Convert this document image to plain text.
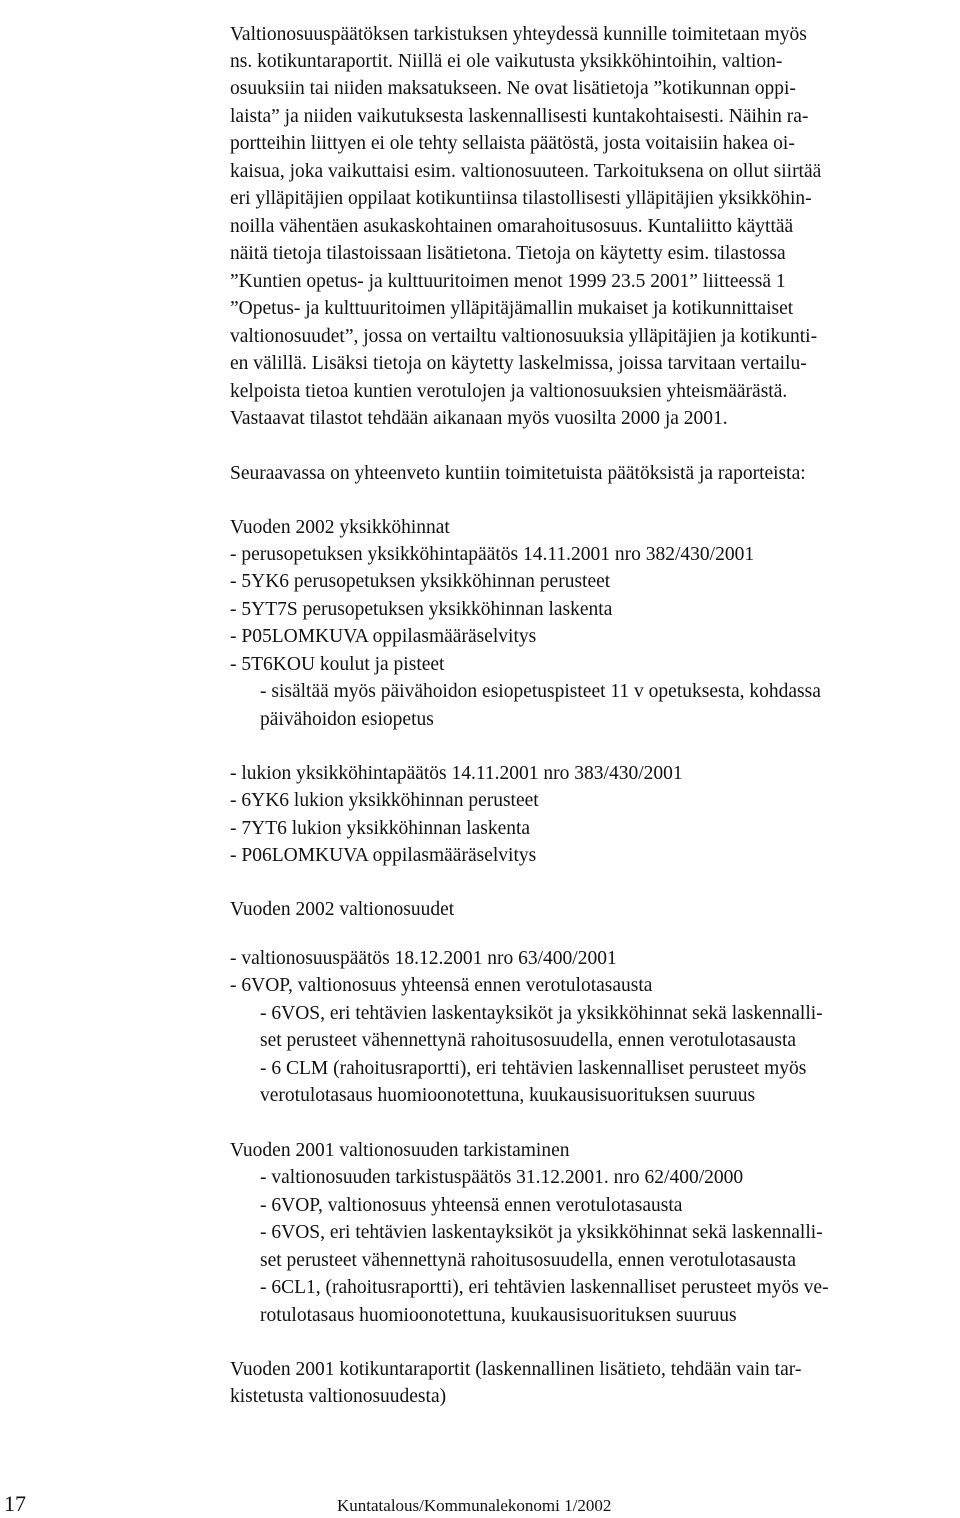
Valtionosuuspäätöksen tarkistuksen yhteydessä kunnille toimitetaan myös
ns. kotikuntaraportit. Niillä ei ole vaikutusta yksikköhintoihin, valtion-
osuuksiin tai niiden maksatukseen. Ne ovat lisätietoja ”kotikunnan oppi-
laista” ja niiden vaikutuksesta laskennallisesti kuntakohtaisesti. Näihin ra-
portteihin liittyen ei ole tehty sellaista päätöstä, josta voitaisiin hakea oi-
kaisua, joka vaikuttaisi esim. valtionosuuteen. Tarkoituksena on ollut siirtää
eri ylläpitäjien oppilaat kotikuntiinsa tilastollisesti ylläpitäjien yksikköhin-
noilla vähentäen asukaskohtainen omarahoitusosuus. Kuntaliitto käyttää
näitä tietoja tilastoissaan lisätietona. Tietoja on käytetty esim. tilastossa
”Kuntien opetus- ja kulttuuritoimen menot 1999 23.5 2001” liitteessä 1
”Opetus- ja kulttuuritoimen ylläpitäjämallin mukaiset ja kotikunnittaiset
valtionosuudet”, jossa on vertailtu valtionosuuksia ylläpitäjien ja kotikunti-
en välillä. Lisäksi tietoja on käytetty laskelmissa, joissa tarvitaan vertailu-
kelpoista tietoa kuntien verotulojen ja valtionosuuksien yhteismäärästä.
Vastaavat tilastot tehdään aikanaan myös vuosilta 2000 ja 2001.
Seuraavassa on yhteenveto kuntiin toimitetuista päätöksistä ja raporteista:
Vuoden 2002 yksikköhinnat
- perusopetuksen yksikköhintapäätös 14.11.2001 nro 382/430/2001
- 5YK6 perusopetuksen yksikköhinnan perusteet
- 5YT7S perusopetuksen yksikköhinnan laskenta
- P05LOMKUVA oppilasmääräselvitys
- 5T6KOU koulut ja pisteet
- sisältää myös päivähoidon esiopetuspisteet 11 v opetuksesta, kohdassa
päivähoidon esiopetus
- lukion yksikköhintapäätös 14.11.2001 nro 383/430/2001
- 6YK6 lukion yksikköhinnan perusteet
- 7YT6 lukion yksikköhinnan laskenta
- P06LOMKUVA oppilasmääräselvitys
Vuoden 2002 valtionosuudet
- valtionosuuspäätös 18.12.2001 nro 63/400/2001
- 6VOP, valtionosuus yhteensä ennen verotulotasausta
- 6VOS, eri tehtävien laskentayksiköt ja yksikköhinnat sekä laskennalli-
set perusteet vähennettynä rahoitusosuudella, ennen verotulotasausta
- 6 CLM (rahoitusraportti), eri tehtävien laskennalliset perusteet myös
verotulotasaus huomioonotettuna, kuukausisuorituksen suuruus
Vuoden 2001 valtionosuuden tarkistaminen
- valtionosuuden tarkistuspäätös 31.12.2001. nro 62/400/2000
- 6VOP, valtionosuus yhteensä ennen verotulotasausta
- 6VOS, eri tehtävien laskentayksiköt ja yksikköhinnat sekä laskennalli-
set perusteet vähennettynä rahoitusosuudella, ennen verotulotasausta
- 6CL1, (rahoitusraportti), eri tehtävien laskennalliset perusteet myös ve-
rotulotasaus huomioonotettuna, kuukausisuorituksen suuruus
Vuoden 2001 kotikuntaraportit (laskennallinen lisätieto, tehdään vain tar-
kistetusta valtionosuudesta)
17	Kuntatalous/Kommunalekonomi 1/2002
